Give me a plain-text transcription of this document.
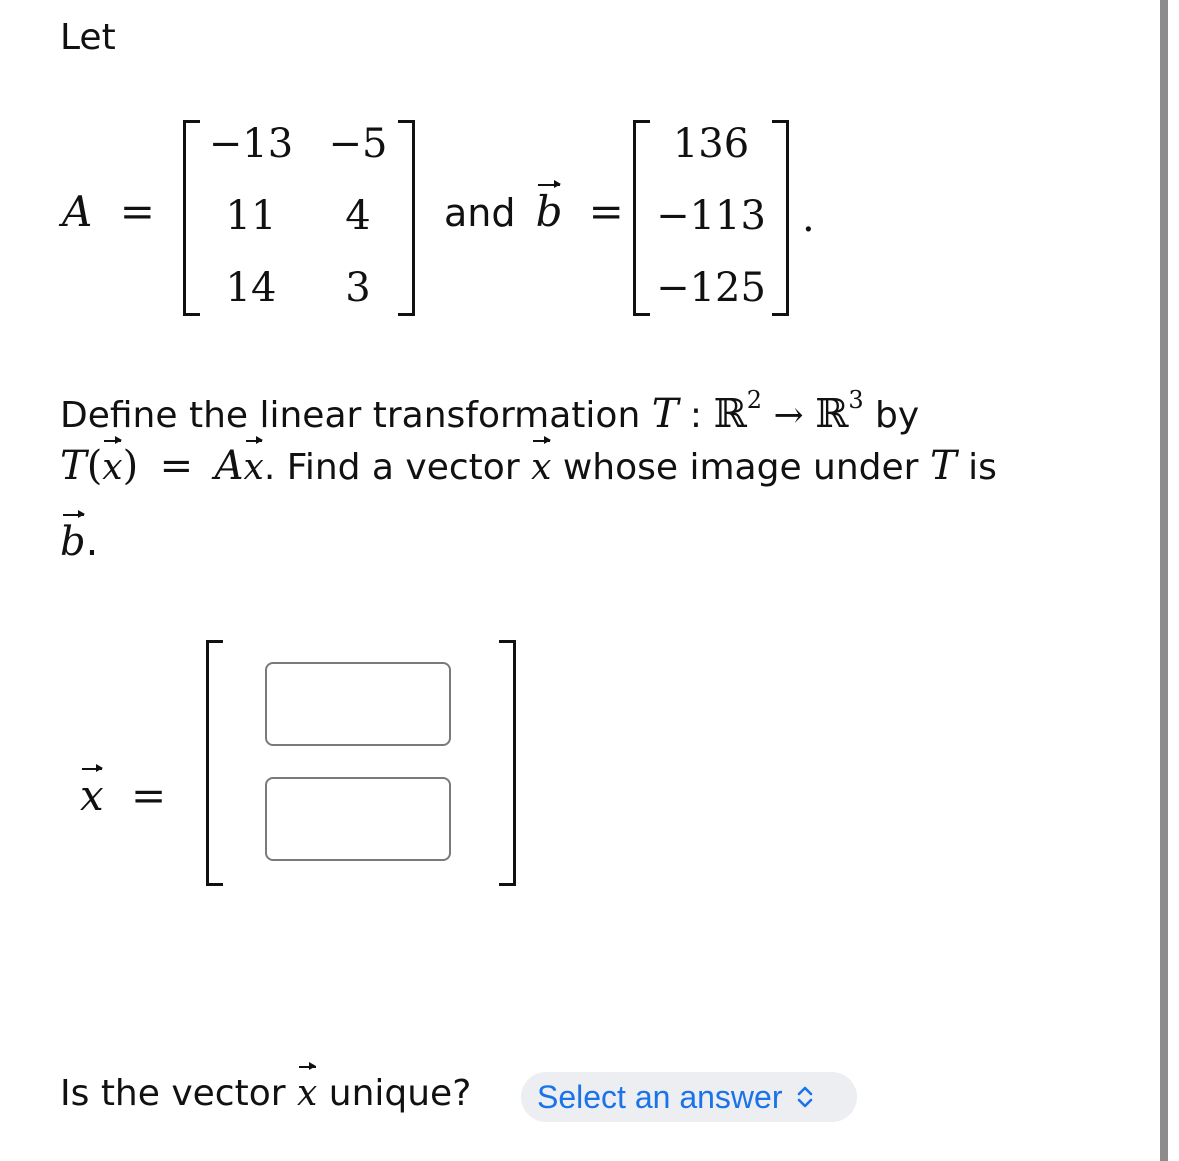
Let
A =
−13 −5
11	4
14	3
and b =
136
−113
−125
.
Define the linear transformation T : ℝ$^2$ → ℝ$^3$ by
T(x) = Ax. Find a vector x whose image under T is
b.
x =
Is the vector x unique? Select an answer
